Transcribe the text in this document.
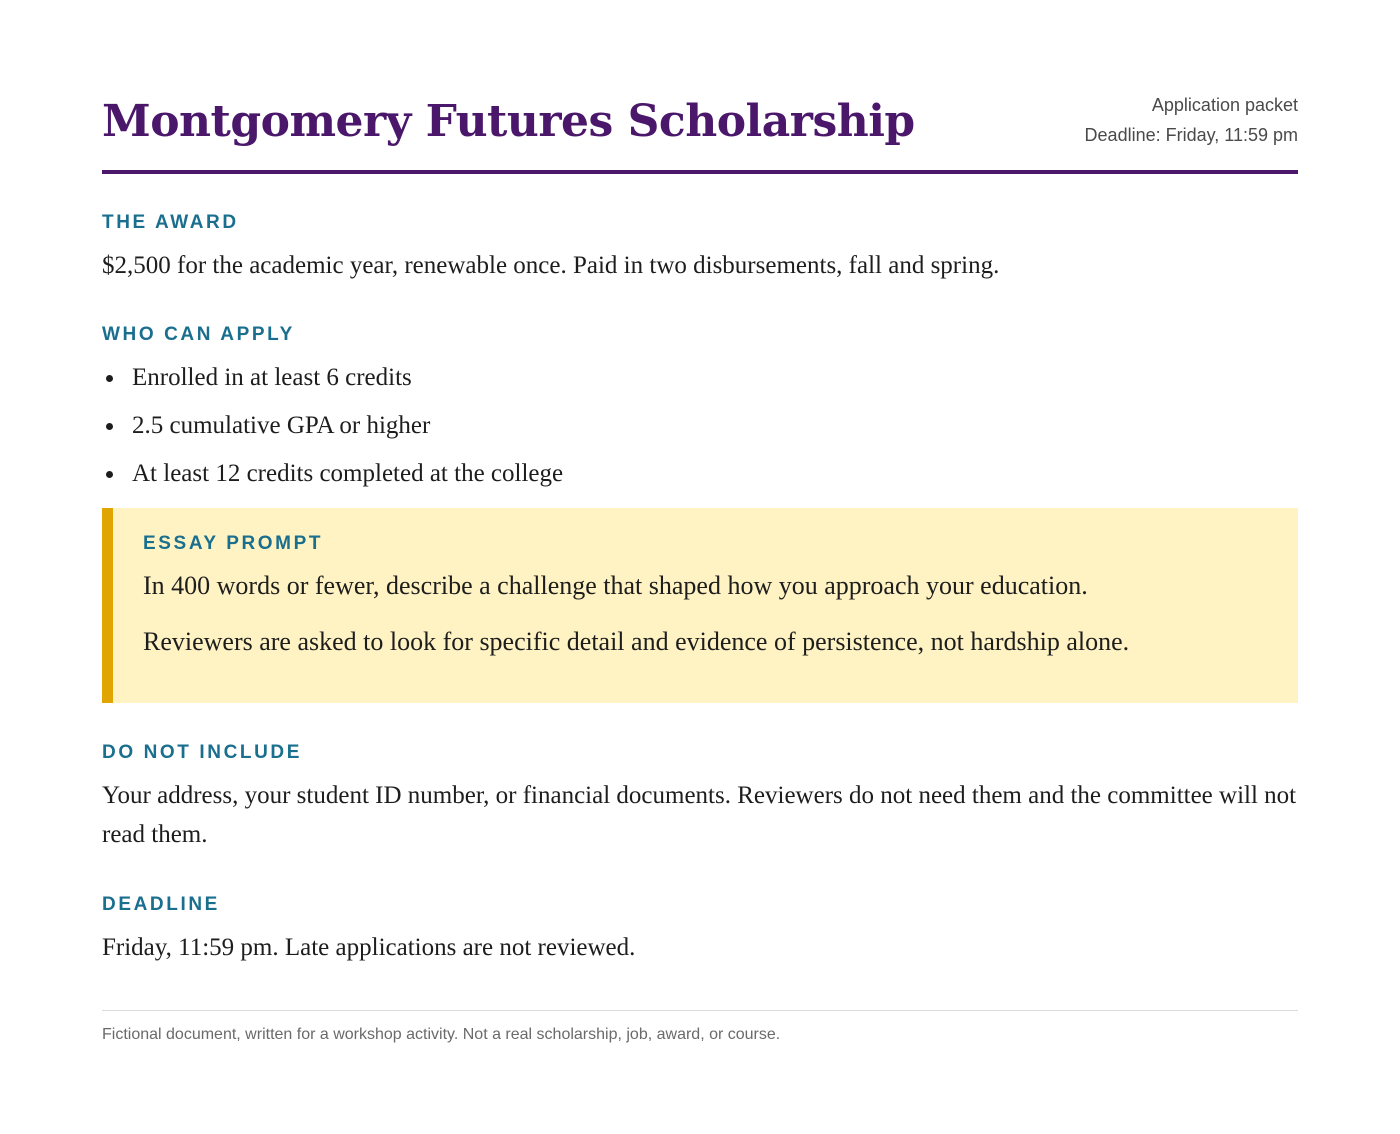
Montgomery Futures Scholarship	Application packet
Deadline: Friday, 11:59 pm
THE AWARD

$2,500 for the academic year, renewable once. Paid in two disbursements, fall and spring.

WHO CAN APPLY
Enrolled in at least 6 credits
2.5 cumulative GPA or higher
At least 12 credits completed at the college
ESSAY PROMPT

In 400 words or fewer, describe a challenge that shaped how you approach your education.

Reviewers are asked to look for specific detail and evidence of persistence, not hardship alone.

DO NOT INCLUDE

Your address, your student ID number, or financial documents. Reviewers do not need them and the committee will not read them.

DEADLINE

Friday, 11:59 pm. Late applications are not reviewed.

Fictional document, written for a workshop activity. Not a real scholarship, job, award, or course.
